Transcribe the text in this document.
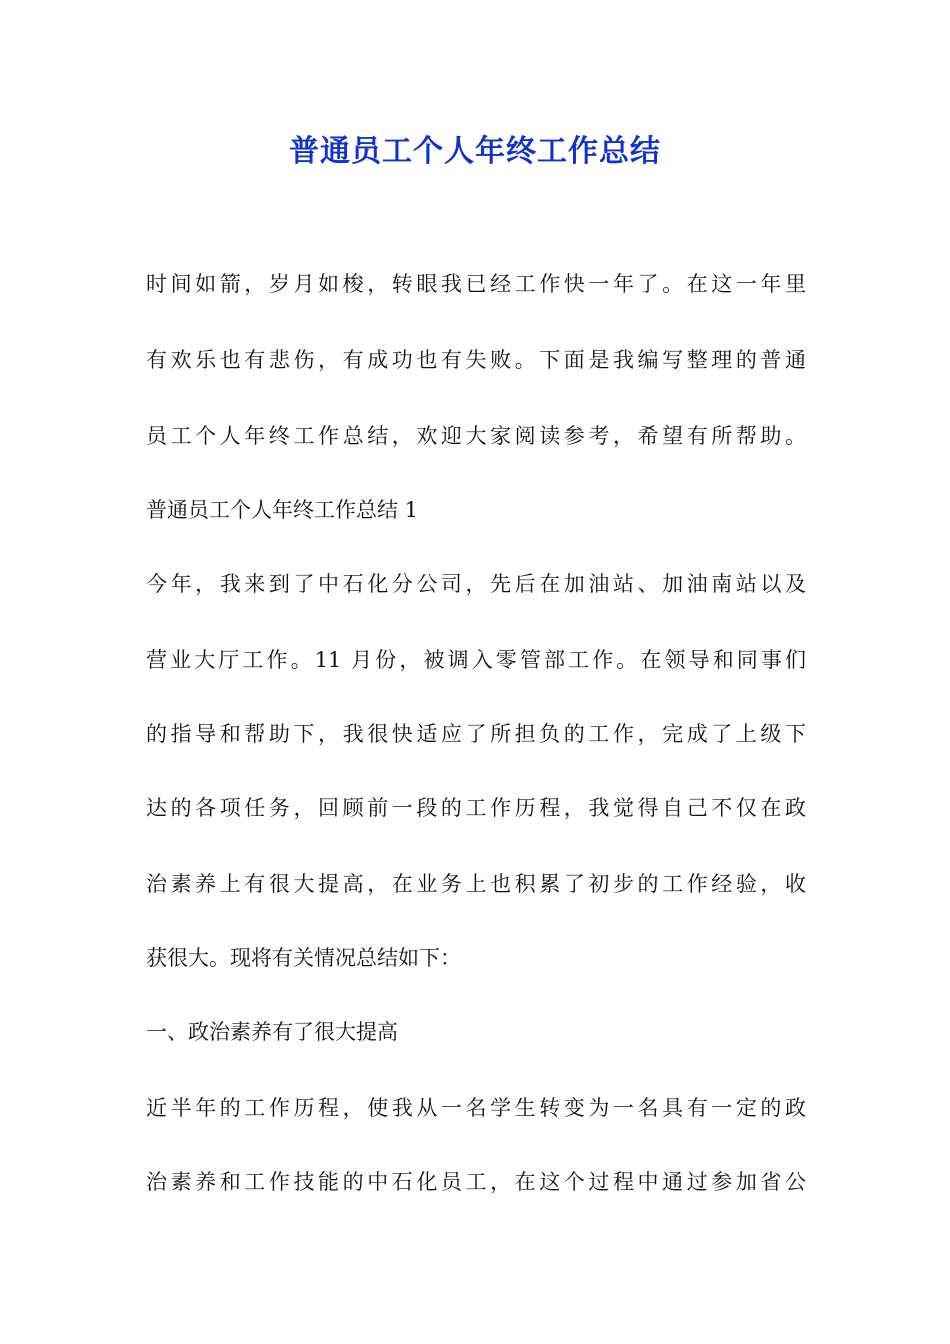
普通员工个人年终工作总结

时间如箭，岁月如梭，转眼我已经工作快一年了。在这一年里

有欢乐也有悲伤，有成功也有失败。下面是我编写整理的普通

员工个人年终工作总结，欢迎大家阅读参考，希望有所帮助。

普通员工个人年终工作总结 1

今年，我来到了中石化分公司，先后在加油站、加油南站以及

营业大厅工作。11 月份，被调入零管部工作。在领导和同事们

的指导和帮助下，我很快适应了所担负的工作，完成了上级下

达的各项任务，回顾前一段的工作历程，我觉得自己不仅在政

治素养上有很大提高，在业务上也积累了初步的工作经验，收

获很大。现将有关情况总结如下：

一、政治素养有了很大提高

近半年的工作历程，使我从一名学生转变为一名具有一定的政

治素养和工作技能的中石化员工，在这个过程中通过参加省公
